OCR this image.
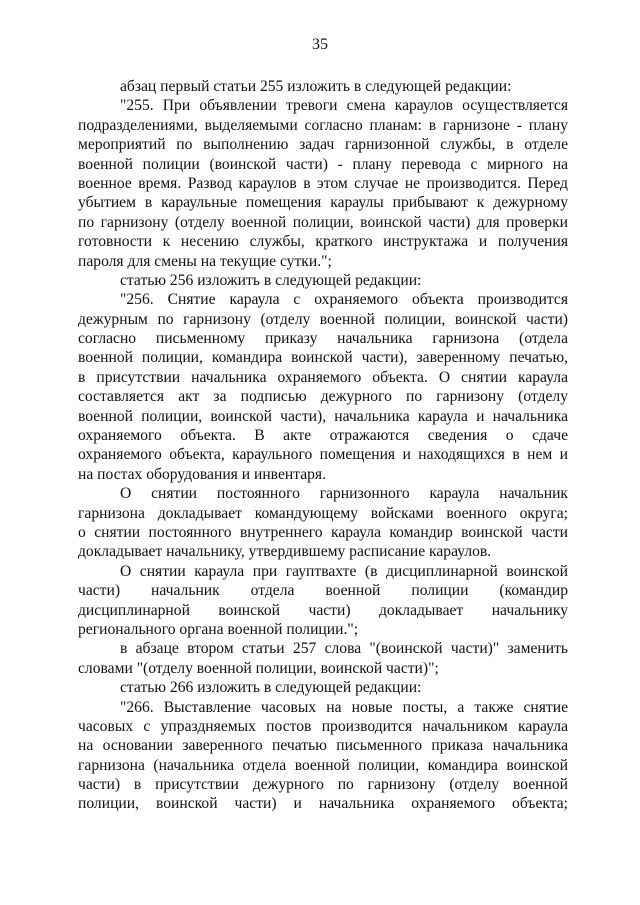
35
абзац первый статьи 255 изложить в следующей редакции:
"255. При объявлении тревоги смена караулов осуществляется
подразделениями, выделяемыми согласно планам: в гарнизоне - плану
мероприятий по выполнению задач гарнизонной службы, в отделе
военной полиции (воинской части) - плану перевода с мирного на
военное время. Развод караулов в этом случае не производится. Перед
убытием в караульные помещения караулы прибывают к дежурному
по гарнизону (отделу военной полиции, воинской части) для проверки
готовности к несению службы, краткого инструктажа и получения
пароля для смены на текущие сутки.";
статью 256 изложить в следующей редакции:
"256. Снятие караула с охраняемого объекта производится
дежурным по гарнизону (отделу военной полиции, воинской части)
согласно письменному приказу начальника гарнизона (отдела
военной полиции, командира воинской части), заверенному печатью,
в присутствии начальника охраняемого объекта. О снятии караула
составляется акт за подписью дежурного по гарнизону (отделу
военной полиции, воинской части), начальника караула и начальника
охраняемого объекта. В акте отражаются сведения о сдаче
охраняемого объекта, караульного помещения и находящихся в нем и
на постах оборудования и инвентаря.
О снятии постоянного гарнизонного караула начальник
гарнизона докладывает командующему войсками военного округа;
о снятии постоянного внутреннего караула командир воинской части
докладывает начальнику, утвердившему расписание караулов.
О снятии караула при гауптвахте (в дисциплинарной воинской
части) начальник отдела военной полиции (командир
дисциплинарной воинской части) докладывает начальнику
регионального органа военной полиции.";
в абзаце втором статьи 257 слова "(воинской части)" заменить
словами "(отделу военной полиции, воинской части)";
статью 266 изложить в следующей редакции:
"266. Выставление часовых на новые посты, а также снятие
часовых с упраздняемых постов производится начальником караула
на основании заверенного печатью письменного приказа начальника
гарнизона (начальника отдела военной полиции, командира воинской
части) в присутствии дежурного по гарнизону (отделу военной
полиции, воинской части) и начальника охраняемого объекта;
